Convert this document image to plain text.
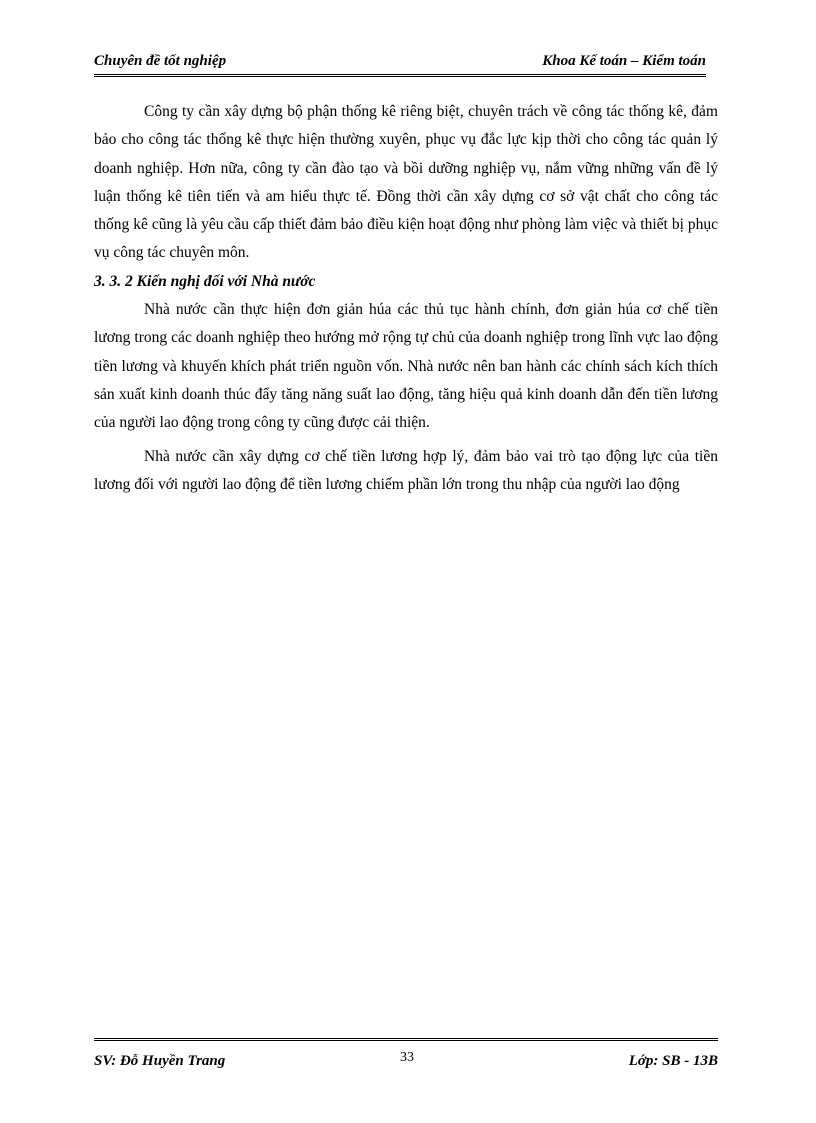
Chuyên đề tốt nghiệp	Khoa Kế toán – Kiểm toán

Công ty cần xây dựng bộ phận thống kê riêng biệt, chuyên trách về công tác thống kê, đảm bảo cho công tác thống kê thực hiện thường xuyên, phục vụ đắc lực kịp thời cho công tác quản lý doanh nghiệp. Hơn nữa, công ty cần đào tạo và bồi dưỡng nghiệp vụ, nắm vững những vấn đề lý luận thống kê tiên tiến và am hiểu thực tế. Đồng thời cần xây dựng cơ sở vật chất cho công tác thống kê cũng là yêu cầu cấp thiết đảm bảo điều kiện hoạt động như phòng làm việc và thiết bị phục vụ công tác chuyên môn.

3. 3. 2 Kiến nghị đối với Nhà nước

Nhà nước cần thực hiện đơn giản húa các thủ tục hành chính, đơn giản húa cơ chế tiền lương trong các doanh nghiệp theo hướng mở rộng tự chủ của doanh nghiệp trong lĩnh vực lao động tiền lương và khuyến khích phát triển nguồn vốn. Nhà nước nên ban hành các chính sách kích thích sản xuất kinh doanh thúc đẩy tăng năng suất lao động, tăng hiệu quả kinh doanh dẫn đến tiền lương của người lao động trong công ty cũng được cải thiện.

Nhà nước cần xây dựng cơ chế tiền lương hợp lý, đảm bảo vai trò tạo động lực của tiền lương đối với người lao động để tiền lương chiếm phần lớn trong thu nhập của người lao động

SV: Đỗ Huyền Trang	33	Lớp: SB - 13B
